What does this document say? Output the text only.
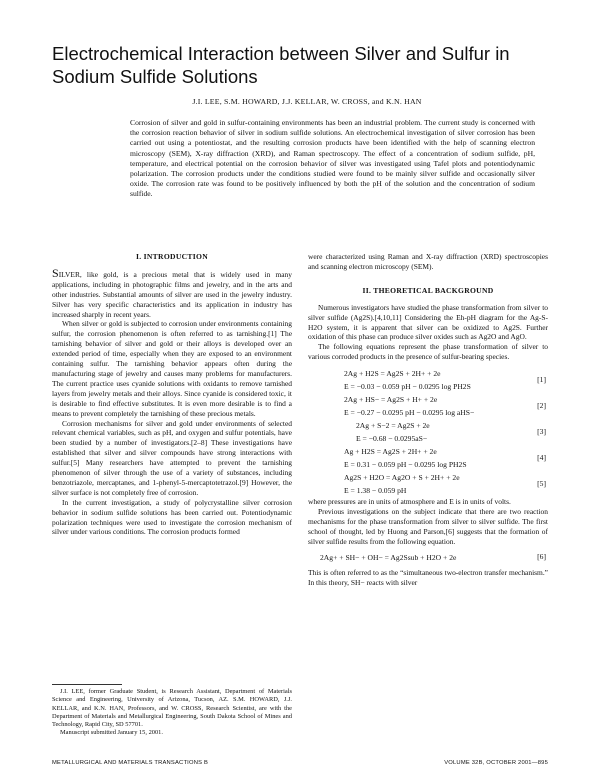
Electrochemical Interaction between Silver and Sulfur in Sodium Sulfide Solutions
J.I. LEE, S.M. HOWARD, J.J. KELLAR, W. CROSS, and K.N. HAN

Corrosion of silver and gold in sulfur-containing environments has been an industrial problem. The current study is concerned with the corrosion reaction behavior of silver in sodium sulfide solutions. An electrochemical investigation of silver corrosion has been carried out using a potentiostat, and the resulting corrosion products have been identified with the help of scanning electron microscopy (SEM), X-ray diffraction (XRD), and Raman spectroscopy. The effect of a concentration of sodium sulfide, pH, temperature, and electrical potential on the corrosion behavior of silver was investigated using Tafel plots and potentiodynamic polarization. The corrosion products under the conditions studied were found to be mainly silver sulfide and occasionally silver oxide. The corrosion rate was found to be positively influenced by both the pH of the solution and the concentration of sodium sulfide.

I. INTRODUCTION

SILVER, like gold, is a precious metal that is widely used in many applications, including in photographic films and jewelry, and in the arts and other industries. Substantial amounts of silver are used in the jewelry industry. Silver has very specific characteristics and its application in industry has increased sharply in recent years.

When silver or gold is subjected to corrosion under environments containing sulfur, the corrosion phenomenon is often referred to as tarnishing.[1] The tarnishing behavior of silver and gold or their alloys is developed over an extended period of time, especially when they are exposed to an environment containing sulfur. The tarnishing behavior appears often during the manufacturing stage of jewelry and causes many problems for manufacturers. The current practice uses cyanide solutions with oxidants to remove tarnished layers from jewelry metals and their alloys. Since cyanide is considered toxic, it is desirable to find effective substitutes. It is even more desirable is to find a means to prevent completely the tarnishing of these precious metals.

Corrosion mechanisms for silver and gold under environments of selected relevant chemical variables, such as pH, and oxygen and sulfur potentials, have been studied by a number of investigators.[2–8] These investigations have established that silver and silver compounds have strong interactions with sulfur.[5] Many researchers have attempted to prevent the tarnishing phenomenon of silver through the use of a variety of substances, including benzotriazole, mercaptanes, and 1-phenyl-5-mercaptotetrazol.[9] However, the silver surface is not completely free of corrosion.

In the current investigation, a study of polycrystalline silver corrosion behavior in sodium sulfide solutions has been carried out. Potentiodynamic polarization techniques were used to investigate the corrosion mechanism of silver under various conditions. The corrosion products formed

were characterized using Raman and X-ray diffraction (XRD) spectroscopies and scanning electron microscopy (SEM).

II. THEORETICAL BACKGROUND

Numerous investigators have studied the phase transformation from silver to silver sulfide (Ag2S).[4,10,11] Considering the Eh-pH diagram for the Ag-S-H2O system, it is apparent that silver can be oxidized to Ag2S. Further oxidation of this phase can produce silver oxides such as Ag2O and AgO.

The following equations represent the phase transformation of silver to various corroded products in the presence of sulfur-bearing species.

2Ag + H2S = Ag2S + 2H+ + 2e
E = −0.03 − 0.059 pH − 0.0295 log PH2S
[1]
2Ag + HS− = Ag2S + H+ + 2e
E = −0.27 − 0.0295 pH − 0.0295 log aHS−
[2]
2Ag + S−2 = Ag2S + 2e
E = −0.68 − 0.0295aS−
[3]
Ag + H2S = Ag2S + 2H+ + 2e
E = 0.31 − 0.059 pH − 0.0295 log PH2S
[4]
Ag2S + H2O = Ag2O + S + 2H+ + 2e
E = 1.38 − 0.059 pH
[5]

where pressures are in units of atmosphere and E is in units of volts.

Previous investigations on the subject indicate that there are two reaction mechanisms for the phase transformation from silver to silver sulfide. The first school of thought, led by Huong and Parson,[6] suggests that the formation of silver sulfide results from the following equation.

2Ag+ + SH− + OH− = Ag2Ssub + H2O + 2e	[6]

This is often referred to as the “simultaneous two-electron transfer mechanism.” In this theory, SH− reacts with silver

J.I. LEE, former Graduate Student, is Research Assistant, Department of Materials Science and Engineering, University of Arizona, Tucson, AZ. S.M. HOWARD, J.J. KELLAR, and K.N. HAN, Professors, and W. CROSS, Research Scientist, are with the Department of Materials and Metallurgical Engineering, South Dakota School of Mines and Technology, Rapid City, SD 57701.

Manuscript submitted January 15, 2001.

METALLURGICAL AND MATERIALS TRANSACTIONS B	VOLUME 32B, OCTOBER 2001—895
